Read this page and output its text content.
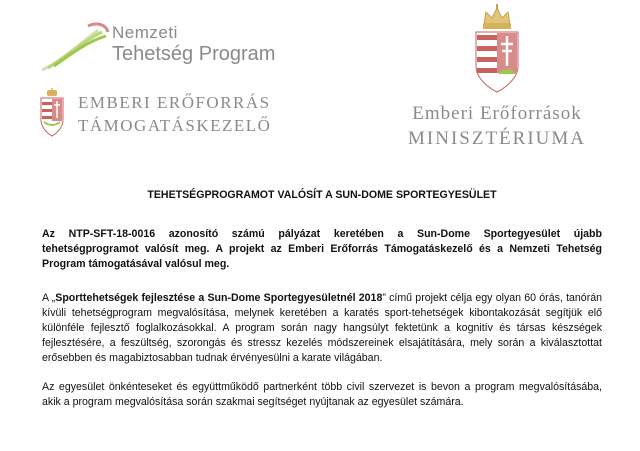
Nemzeti
Tehetség Program
EMBERI ERŐFORRÁS
TÁMOGATÁSKEZELŐ
Emberi Erőforrások
MINISZTÉRIUMA
TEHETSÉGPROGRAMOT VALÓSÍT A SUN-DOME SPORTEGYESÜLET
Az NTP-SFT-18-0016 azonosító számú pályázat keretében a Sun-Dome Sportegyesület újabb tehetségprogramot valósít meg. A projekt az Emberi Erőforrás Támogatáskezelő és a Nemzeti Tehetség Program támogatásával valósul meg.
A „Sporttehetségek fejlesztése a Sun-Dome Sportegyesületnél 2018” című projekt célja egy olyan 60 órás, tanórán kívüli tehetségprogram megvalósítása, melynek keretében a karatés sport-tehetségek kibontakozását segítjük elő különféle fejlesztő foglalkozásokkal. A program során nagy hangsúlyt fektetünk a kognitív és társas készségek fejlesztésére, a feszültség, szorongás és stressz kezelés módszereinek elsajátítására, mely során a kiválasztottat erősebben és magabiztosabban tudnak érvényesülni a karate világában.
Az egyesület önkénteseket és együttműködő partnerként több civil szervezet is bevon a program megvalósításába, akik a program megvalósítása során szakmai segítséget nyújtanak az egyesület számára.
